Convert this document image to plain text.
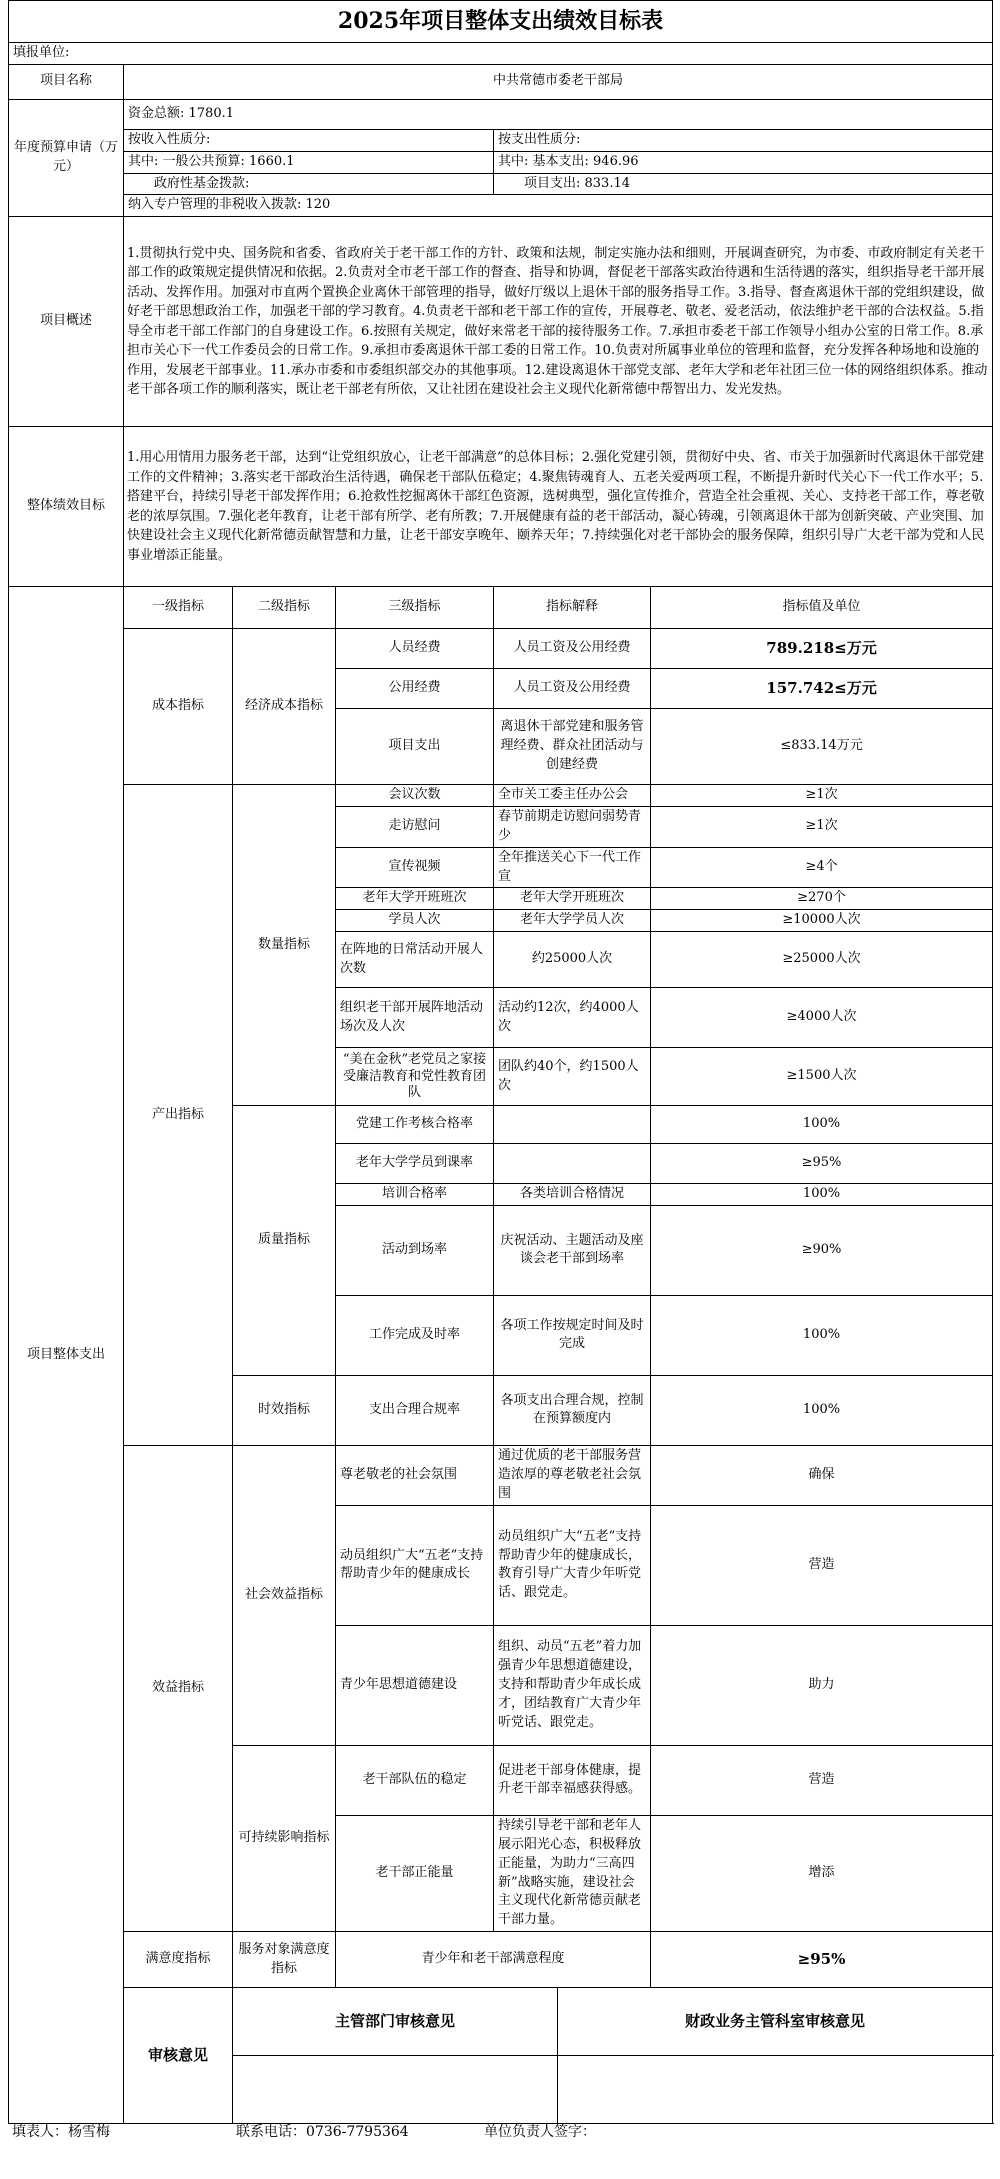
2025年项目整体支出绩效目标表						
填报单位:						
项目名称	中共常德市委老干部局					
年度预算申请（万元）	资金总额: 1780.1					
	按收入性质分:			按支出性质分:		
	其中: 一般公共预算: 1660.1			其中: 基本支出: 946.96		
	政府性基金拨款:			项目支出: 833.14		
	纳入专户管理的非税收入拨款: 120					
项目概述	1.贯彻执行党中央、国务院和省委、省政府关于老干部工作的方针、政策和法规，制定实施办法和细则，开展调查研究，为市委、市政府制定有关老干部工作的政策规定提供情况和依据。2.负责对全市老干部工作的督查、指导和协调，督促老干部落实政治待遇和生活待遇的落实，组织指导老干部开展活动、发挥作用。加强对市直两个置换企业离休干部管理的指导，做好厅级以上退休干部的服务指导工作。3.指导、督查离退休干部的党组织建设，做好老干部思想政治工作，加强老干部的学习教育。4.负责老干部和老干部工作的宣传，开展尊老、敬老、爱老活动，依法维护老干部的合法权益。5.指导全市老干部工作部门的自身建设工作。6.按照有关规定，做好来常老干部的接待服务工作。7.承担市委老干部工作领导小组办公室的日常工作。8.承担市关心下一代工作委员会的日常工作。9.承担市委离退休干部工委的日常工作。10.负责对所属事业单位的管理和监督，充分发挥各种场地和设施的作用，发展老干部事业。11.承办市委和市委组织部交办的其他事项。12.建设离退休干部党支部、老年大学和老年社团三位一体的网络组织体系。推动老干部各项工作的顺利落实，既让老干部老有所依，又让社团在建设社会主义现代化新常德中帮智出力、发光发热。					
整体绩效目标	1.用心用情用力服务老干部，达到“让党组织放心，让老干部满意”的总体目标；2.强化党建引领，贯彻好中央、省、市关于加强新时代离退休干部党建工作的文件精神；3.落实老干部政治生活待遇，确保老干部队伍稳定；4.聚焦铸魂育人、五老关爱两项工程，不断提升新时代关心下一代工作水平；5.搭建平台，持续引导老干部发挥作用；6.抢救性挖掘离休干部红色资源，选树典型，强化宣传推介，营造全社会重视、关心、支持老干部工作，尊老敬老的浓厚氛围。7.强化老年教育，让老干部有所学、老有所教；7.开展健康有益的老干部活动，凝心铸魂，引领离退休干部为创新突破、产业突围、加快建设社会主义现代化新常德贡献智慧和力量，让老干部安享晚年、颐养天年；7.持续强化对老干部协会的服务保障，组织引导广大老干部为党和人民事业增添正能量。					
项目整体支出	一级指标	二级指标	三级指标	指标解释		指标值及单位
	成本指标	经济成本指标	人员经费	人员工资及公用经费		789.218≤万元
			公用经费	人员工资及公用经费		157.742≤万元
			项目支出	离退休干部党建和服务管理经费、群众社团活动与创建经费		≤833.14万元
	产出指标	数量指标	会议次数	全市关工委主任办公会		≥1次
			走访慰问	春节前期走访慰问弱势青少		≥1次
			宣传视频	全年推送关心下一代工作宣		≥4个
			老年大学开班班次	老年大学开班班次		≥270个
			学员人次	老年大学学员人次		≥10000人次
			在阵地的日常活动开展人次数	约25000人次		≥25000人次
			组织老干部开展阵地活动场次及人次	活动约12次，约4000人次		≥4000人次
			“美在金秋”老党员之家接受廉洁教育和党性教育团队	团队约40个，约1500人次		≥1500人次
		质量指标	党建工作考核合格率			100%
			老年大学学员到课率			≥95%
			培训合格率	各类培训合格情况		100%
			活动到场率	庆祝活动、主题活动及座谈会老干部到场率		≥90%
			工作完成及时率	各项工作按规定时间及时完成		100%
		时效指标	支出合理合规率	各项支出合理合规，控制在预算额度内		100%
	效益指标	社会效益指标	尊老敬老的社会氛围	通过优质的老干部服务营造浓厚的尊老敬老社会氛围		确保
			动员组织广大“五老”支持帮助青少年的健康成长	动员组织广大“五老”支持帮助青少年的健康成长，教育引导广大青少年听党话、跟党走。		营造
			青少年思想道德建设	组织、动员“五老”着力加强青少年思想道德建设，支持和帮助青少年成长成才，团结教育广大青少年听党话、跟党走。		助力
		可持续影响指标	老干部队伍的稳定	促进老干部身体健康，提升老干部幸福感获得感。		营造
			老干部正能量	持续引导老干部和老年人展示阳光心态，积极释放正能量，为助力“三高四新”战略实施，建设社会主义现代化新常德贡献老干部力量。		增添
	满意度指标	服务对象满意度指标	青少年和老干部满意程度			≥95%
	审核意见	主管部门审核意见			财政业务主管科室审核意见	

填表人：杨雪梅	联系电话：0736-7795364	单位负责人签字：
